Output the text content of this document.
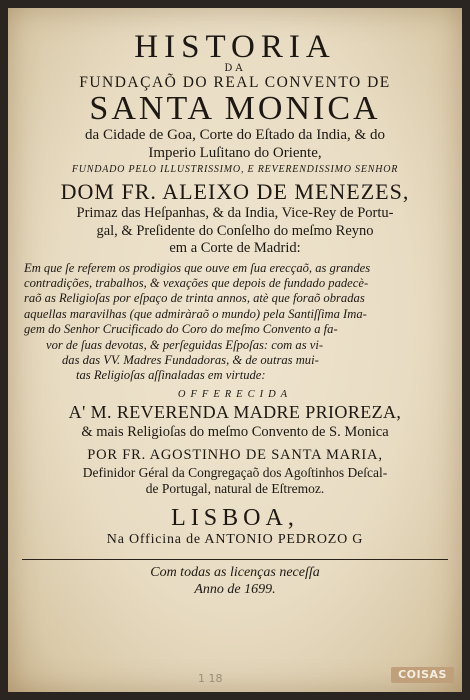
HISTORIA
DA
FUNDAÇAÕ DO REAL CONVENTO DE
SANTA MONICA
da Cidade de Goa, Corte do Eſtado da India, & do
Imperio Luſitano do Oriente,
FUNDADO PELO ILLUSTRISSIMO, E REVERENDISSIMO SENHOR
DOM FR. ALEIXO DE MENEZES,
Primaz das Heſpanhas, & da India, Vice-Rey de Portu-
gal, & Preſidente do Conſelho do meſmo Reyno
em a Corte de Madrid:
Em que ſe referem os prodigios que ouve em ſua erecçaõ, as grandes
contradições, trabalhos, & vexações que depois de fundado padecè-
raõ as Religioſas por eſpaço de trinta annos, atè que foraõ obradas
aquellas maravilhas (que admiràraõ o mundo) pela Santiſſima Ima-
gem do Senhor Crucificado do Coro do meſmo Convento a fa-
vor de ſuas devotas, & perſeguidas Eſpoſas: com as vi-
das das VV. Madres Fundadoras, & de outras mui-
tas Religioſas aſſinaladas em virtude:
OFFERECIDA
A' M. REVERENDA MADRE PRIOREZA,
& mais Religioſas do meſmo Convento de S. Monica
POR FR. AGOSTINHO DE SANTA MARIA,
Definidor Géral da Congregaçaõ dos Agoſtinhos Deſcal-
de Portugal, natural de Eſtremoz.
LISBOA,
Na Officina de ANTONIO PEDROZO G
Com todas as licenças neceſſa
Anno de 1699.
1 18	COISAS
